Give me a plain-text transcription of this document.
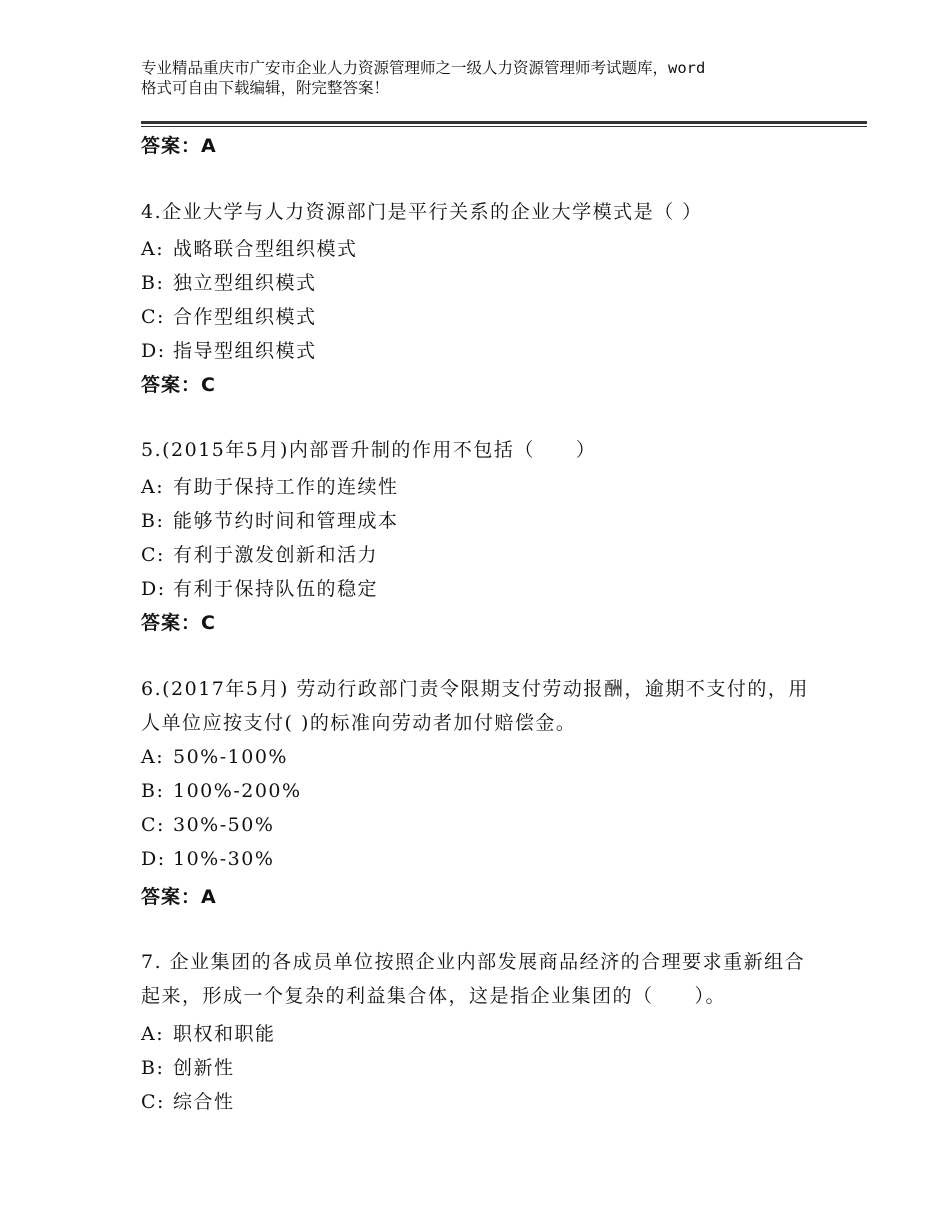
专业精品重庆市广安市企业人力资源管理师之一级人力资源管理师考试题库，word
格式可自由下载编辑，附完整答案！
答案：A
4.企业大学与人力资源部门是平行关系的企业大学模式是（ ）
A: 战略联合型组织模式
B: 独立型组织模式
C: 合作型组织模式
D: 指导型组织模式
答案：C
5.(2015年5月)内部晋升制的作用不包括（　　）
A: 有助于保持工作的连续性
B: 能够节约时间和管理成本
C: 有利于激发创新和活力
D: 有利于保持队伍的稳定
答案：C
6.(2017年5月) 劳动行政部门责令限期支付劳动报酬，逾期不支付的，用人单位应按支付( )的标准向劳动者加付赔偿金。
A: 50%-100%
B: 100%-200%
C: 30%-50%
D: 10%-30%
答案：A
7. 企业集团的各成员单位按照企业内部发展商品经济的合理要求重新组合起来，形成一个复杂的利益集合体，这是指企业集团的（　　）。
A: 职权和职能
B: 创新性
C: 综合性
